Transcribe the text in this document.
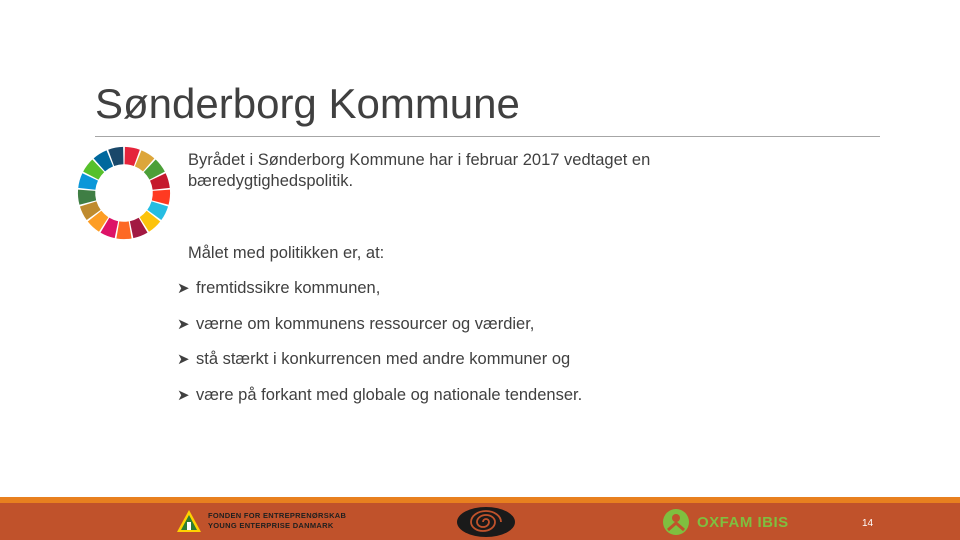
Sønderborg Kommune
Byrådet i Sønderborg Kommune har i februar 2017 vedtaget en bæredygtighedspolitik.
Målet med politikken er, at:
➤ fremtidssikre kommunen,
➤ værne om kommunens ressourcer og værdier,
➤ stå stærkt i konkurrencen med andre kommuner og
➤ være på forkant med globale og nationale tendenser.
FONDEN FOR ENTREPRENØRSKAB
YOUNG ENTERPRISE DANMARK	OXFAM IBIS	14
